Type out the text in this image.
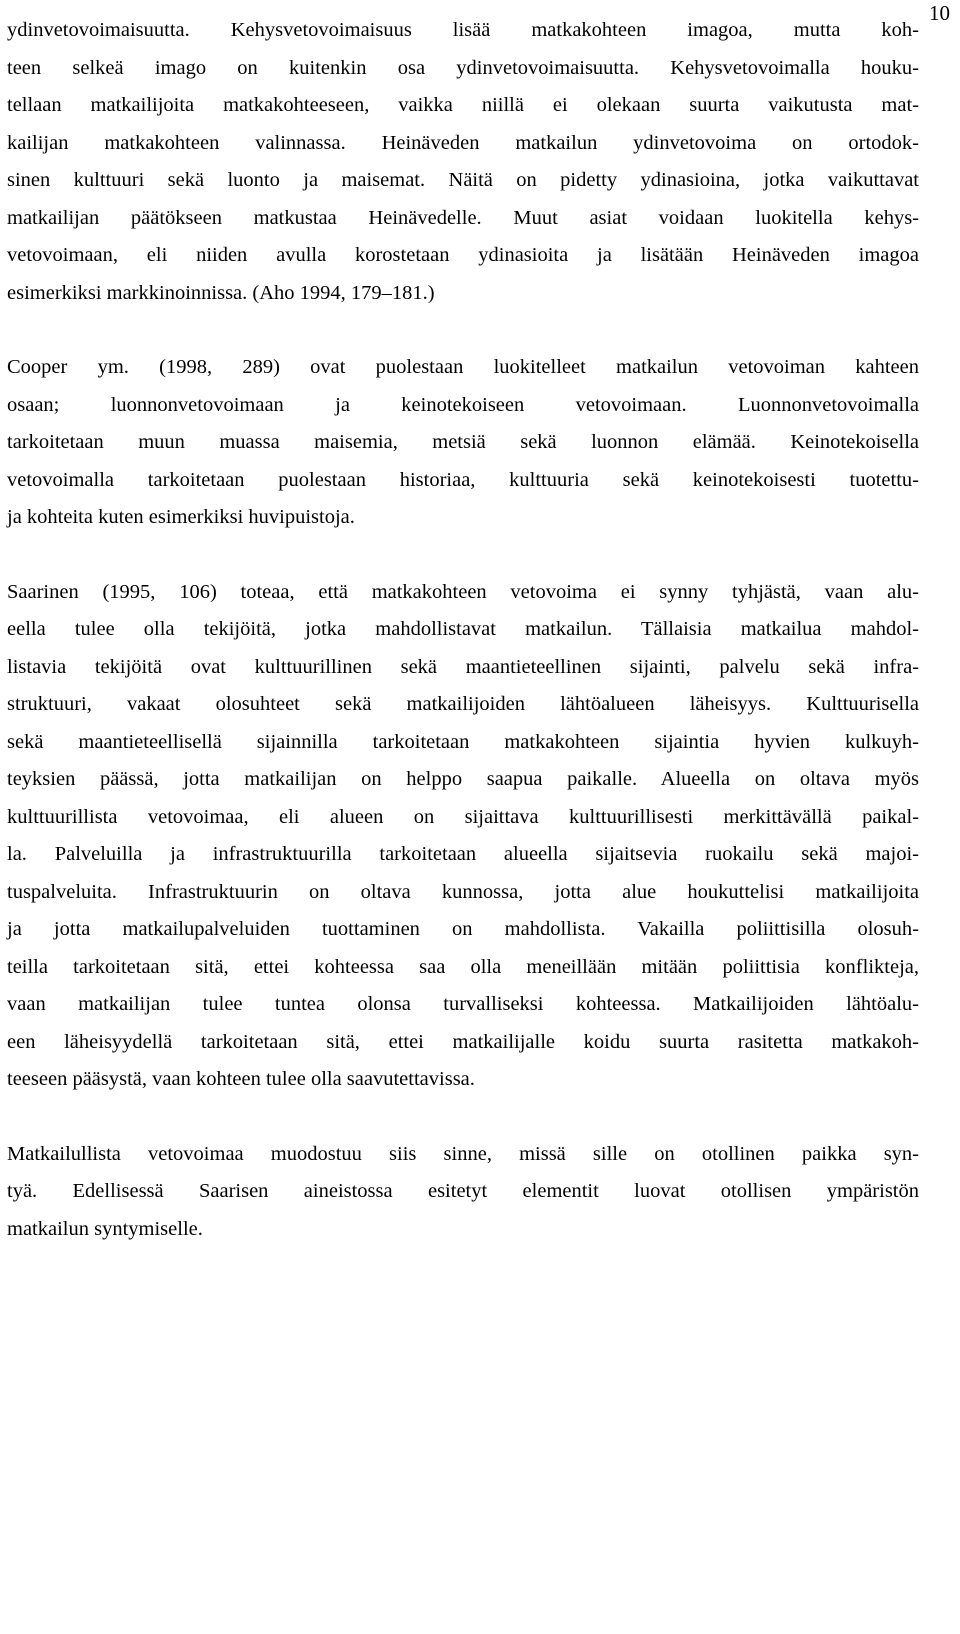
10
ydinvetovoimaisuutta. Kehysvetovoimaisuus lisää matkakohteen imagoa, mutta koh-
teen selkeä imago on kuitenkin osa ydinvetovoimaisuutta. Kehysvetovoimalla houku-
tellaan matkailijoita matkakohteeseen, vaikka niillä ei olekaan suurta vaikutusta mat-
kailijan matkakohteen valinnassa. Heinäveden matkailun ydinvetovoima on ortodok-
sinen kulttuuri sekä luonto ja maisemat. Näitä on pidetty ydinasioina, jotka vaikuttavat
matkailijan päätökseen matkustaa Heinävedelle. Muut asiat voidaan luokitella kehys-
vetovoimaan, eli niiden avulla korostetaan ydinasioita ja lisätään Heinäveden imagoa
esimerkiksi markkinoinnissa. (Aho 1994, 179–181.)
Cooper ym. (1998, 289) ovat puolestaan luokitelleet matkailun vetovoiman kahteen
osaan; luonnonvetovoimaan ja keinotekoiseen vetovoimaan. Luonnonvetovoimalla
tarkoitetaan muun muassa maisemia, metsiä sekä luonnon elämää. Keinotekoisella
vetovoimalla tarkoitetaan puolestaan historiaa, kulttuuria sekä keinotekoisesti tuotettu-
ja kohteita kuten esimerkiksi huvipuistoja.
Saarinen (1995, 106) toteaa, että matkakohteen vetovoima ei synny tyhjästä, vaan alu-
eella tulee olla tekijöitä, jotka mahdollistavat matkailun. Tällaisia matkailua mahdol-
listavia tekijöitä ovat kulttuurillinen sekä maantieteellinen sijainti, palvelu sekä infra-
struktuuri, vakaat olosuhteet sekä matkailijoiden lähtöalueen läheisyys. Kulttuurisella
sekä maantieteellisellä sijainnilla tarkoitetaan matkakohteen sijaintia hyvien kulkuyh-
teyksien päässä, jotta matkailijan on helppo saapua paikalle. Alueella on oltava myös
kulttuurillista vetovoimaa, eli alueen on sijaittava kulttuurillisesti merkittävällä paikal-
la. Palveluilla ja infrastruktuurilla tarkoitetaan alueella sijaitsevia ruokailu sekä majoi-
tuspalveluita. Infrastruktuurin on oltava kunnossa, jotta alue houkuttelisi matkailijoita
ja jotta matkailupalveluiden tuottaminen on mahdollista. Vakailla poliittisilla olosuh-
teilla tarkoitetaan sitä, ettei kohteessa saa olla meneillään mitään poliittisia konflikteja,
vaan matkailijan tulee tuntea olonsa turvalliseksi kohteessa. Matkailijoiden lähtöalu-
een läheisyydellä tarkoitetaan sitä, ettei matkailijalle koidu suurta rasitetta matkakoh-
teeseen pääsystä, vaan kohteen tulee olla saavutettavissa.
Matkailullista vetovoimaa muodostuu siis sinne, missä sille on otollinen paikka syn-
tyä. Edellisessä Saarisen aineistossa esitetyt elementit luovat otollisen ympäristön
matkailun syntymiselle.
